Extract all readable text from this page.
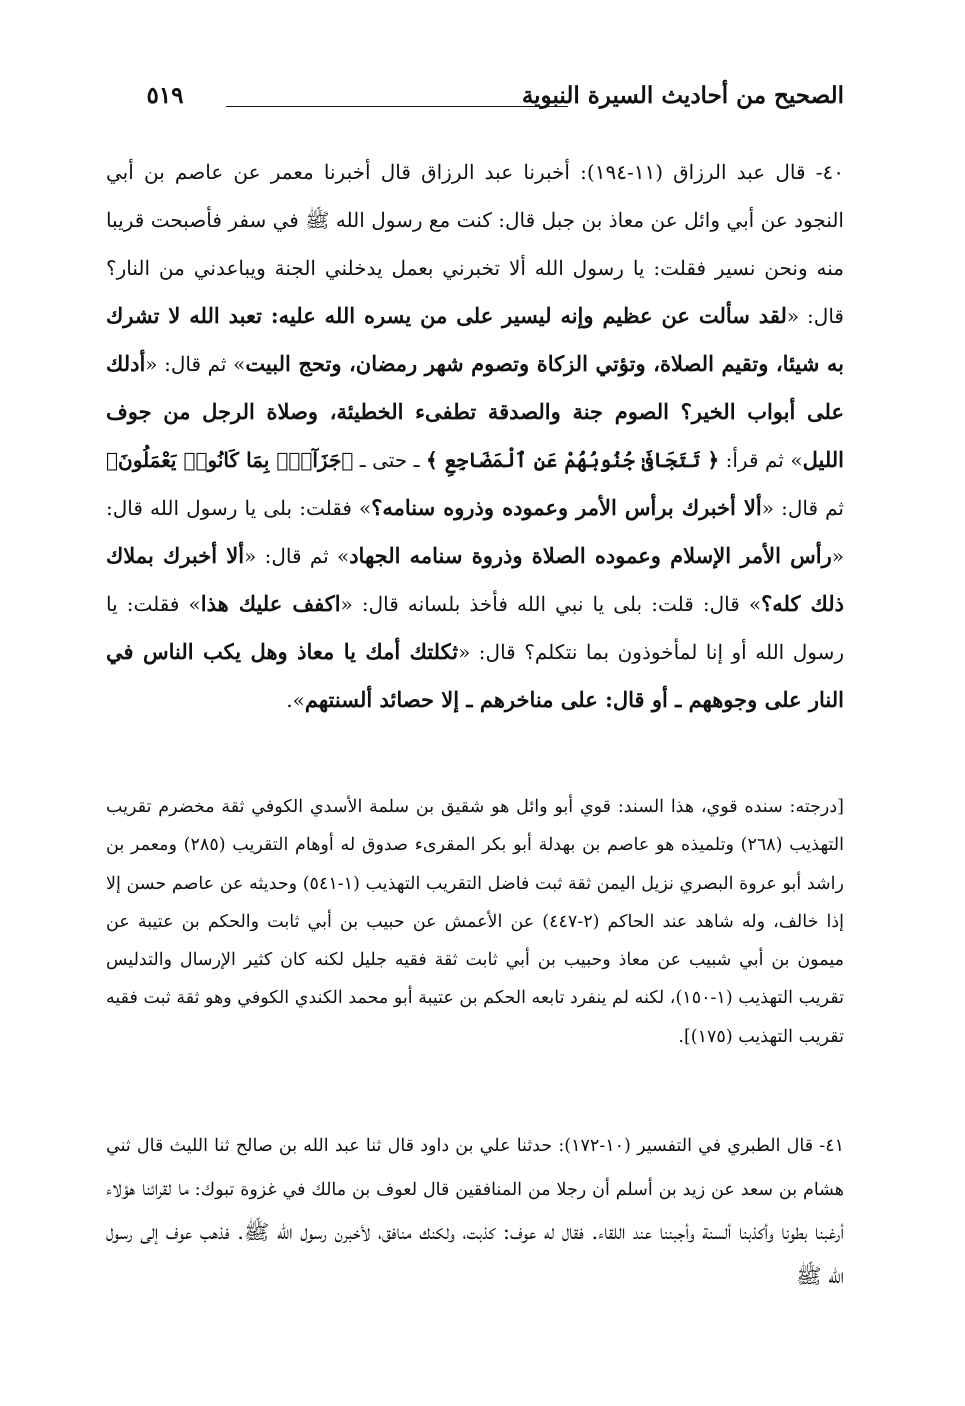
الصحيح من أحاديث السيرة النبوية
٥١٩
٤٠- قال عبد الرزاق (١١-١٩٤): أخبرنا عبد الرزاق قال أخبرنا معمر عن عاصم بن أبي النجود عن أبي وائل عن معاذ بن جبل قال: كنت مع رسول الله ﷺ في سفر فأصبحت قريبا منه ونحن نسير فقلت: يا رسول الله ألا تخبرني بعمل يدخلني الجنة ويباعدني من النار؟ قال: «لقد سألت عن عظيم وإنه ليسير على من يسره الله عليه: تعبد الله لا تشرك به شيئا، وتقيم الصلاة، وتؤتي الزكاة وتصوم شهر رمضان، وتحج البيت» ثم قال: «أدلك على أبواب الخير؟ الصوم جنة والصدقة تطفىء الخطيئة، وصلاة الرجل من جوف الليل» ثم قرأ: ﴿ تَتَجَافَىٰ جُنُوبُهُمْ عَنِ ٱلْمَضَاجِعِ ﴾ ـ حتى ـ ﴿جَزَآءًۢ بِمَا كَانُوا۟ يَعْمَلُونَ﴾ ثم قال: «ألا أخبرك برأس الأمر وعموده وذروه سنامه؟» فقلت: بلى يا رسول الله قال: «رأس الأمر الإسلام وعموده الصلاة وذروة سنامه الجهاد» ثم قال: «ألا أخبرك بملاك ذلك كله؟» قال: قلت: بلى يا نبي الله فأخذ بلسانه قال: «اكفف عليك هذا» فقلت: يا رسول الله أو إنا لمأخوذون بما نتكلم؟ قال: «ثكلتك أمك يا معاذ وهل يكب الناس في النار على وجوههم ـ أو قال: على مناخرهم ـ إلا حصائد ألسنتهم».
[درجته: سنده قوي، هذا السند: قوي أبو وائل هو شقيق بن سلمة الأسدي الكوفي ثقة مخضرم تقريب التهذيب (٢٦٨) وتلميذه هو عاصم بن بهدلة أبو بكر المقرىء صدوق له أوهام التقريب (٢٨٥) ومعمر بن راشد أبو عروة البصري نزيل اليمن ثقة ثبت فاضل التقريب التهذيب (١-٥٤١) وحديثه عن عاصم حسن إلا إذا خالف، وله شاهد عند الحاكم (٢-٤٤٧) عن الأعمش عن حبيب بن أبي ثابت والحكم بن عتيبة عن ميمون بن أبي شبيب عن معاذ وحبيب بن أبي ثابت ثقة فقيه جليل لكنه كان كثير الإرسال والتدليس تقريب التهذيب (١-١٥٠)، لكنه لم ينفرد تابعه الحكم بن عتيبة أبو محمد الكندي الكوفي وهو ثقة ثبت فقيه تقريب التهذيب (١٧٥)].
٤١- قال الطبري في التفسير (١٠-١٧٢): حدثنا علي بن داود قال ثنا عبد الله بن صالح ثنا الليث قال ثني هشام بن سعد عن زيد بن أسلم أن رجلا من المنافقين قال لعوف بن مالك في غزوة تبوك: ما لقرائنا هؤلاء أرغبنا بطونا وأكذبنا ألسنة وأجبننا عند اللقاء. فقال له عوف: كذبت، ولكنك منافق، لأخبرن رسول الله ﷺ. فذهب عوف إلى رسول الله ﷺ
